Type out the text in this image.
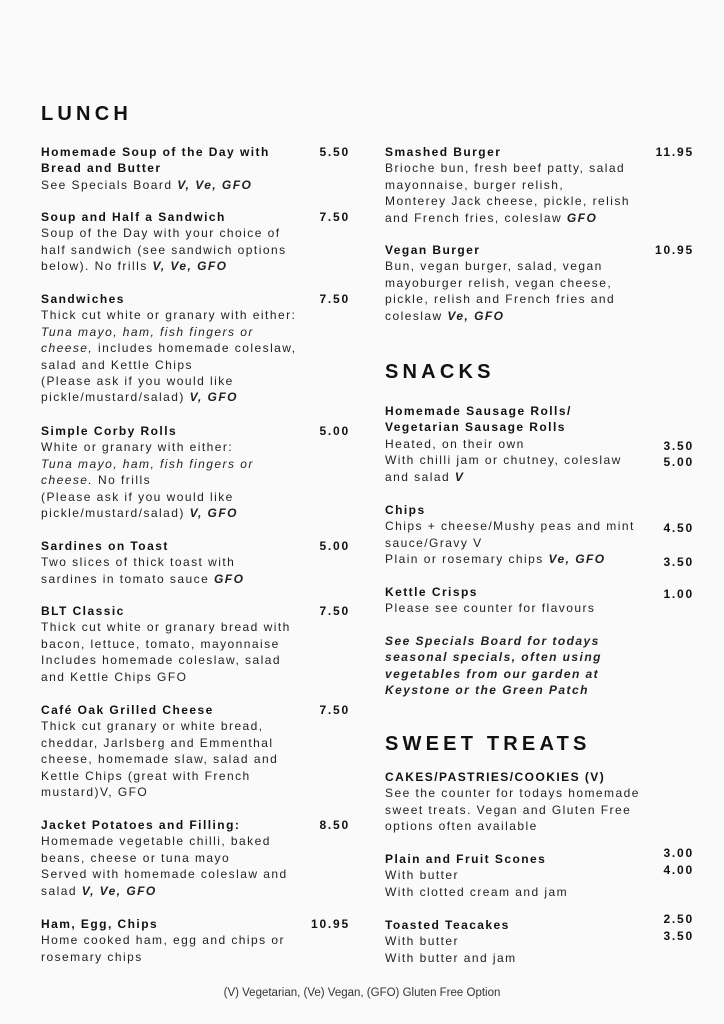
LUNCH
SNACKS
SWEET TREATS
Homemade Soup of the Day with
Bread and Butter
See Specials Board V, Ve, GFO
5.50
Soup and Half a Sandwich
Soup of the Day with your choice of
half sandwich (see sandwich options
below). No frills V, Ve, GFO
7.50
Sandwiches
Thick cut white or granary with either:
Tuna mayo, ham, fish fingers or
cheese, includes homemade coleslaw,
salad and Kettle Chips
(Please ask if you would like
pickle/mustard/salad) V, GFO
7.50
Simple Corby Rolls
White or granary with either:
Tuna mayo, ham, fish fingers or
cheese. No frills
(Please ask if you would like
pickle/mustard/salad) V, GFO
5.00
Sardines on Toast
Two slices of thick toast with
sardines in tomato sauce GFO
5.00
BLT Classic
Thick cut white or granary bread with
bacon, lettuce, tomato, mayonnaise
Includes homemade coleslaw, salad
and Kettle Chips GFO
7.50
Café Oak Grilled Cheese
Thick cut granary or white bread,
cheddar, Jarlsberg and Emmenthal
cheese, homemade slaw, salad and
Kettle Chips (great with French
mustard)V, GFO
7.50
Jacket Potatoes and Filling:
Homemade vegetable chilli, baked
beans, cheese or tuna mayo
Served with homemade coleslaw and
salad V, Ve, GFO
8.50
Ham, Egg, Chips
Home cooked ham, egg and chips or
rosemary chips
10.95
Smashed Burger
Brioche bun, fresh beef patty, salad
mayonnaise, burger relish,
Monterey Jack cheese, pickle, relish
and French fries, coleslaw GFO
11.95
Vegan Burger
Bun, vegan burger, salad, vegan
mayoburger relish, vegan cheese,
pickle, relish and French fries and
coleslaw Ve, GFO
10.95
Homemade Sausage Rolls/
Vegetarian Sausage Rolls
Heated, on their own
With chilli jam or chutney, coleslaw
and salad V
3.50
5.00
Chips
Chips + cheese/Mushy peas and mint
sauce/Gravy V
Plain or rosemary chips Ve, GFO
4.50
3.50
Kettle Crisps
Please see counter for flavours
1.00
See Specials Board for todays
seasonal specials, often using
vegetables from our garden at
Keystone or the Green Patch
CAKES/PASTRIES/COOKIES (V)
See the counter for todays homemade
sweet treats. Vegan and Gluten Free
options often available
Plain and Fruit Scones
With butter
With clotted cream and jam
3.00
4.00
Toasted Teacakes
With butter
With butter and jam
2.50
3.50
(V) Vegetarian, (Ve) Vegan, (GFO) Gluten Free Option
